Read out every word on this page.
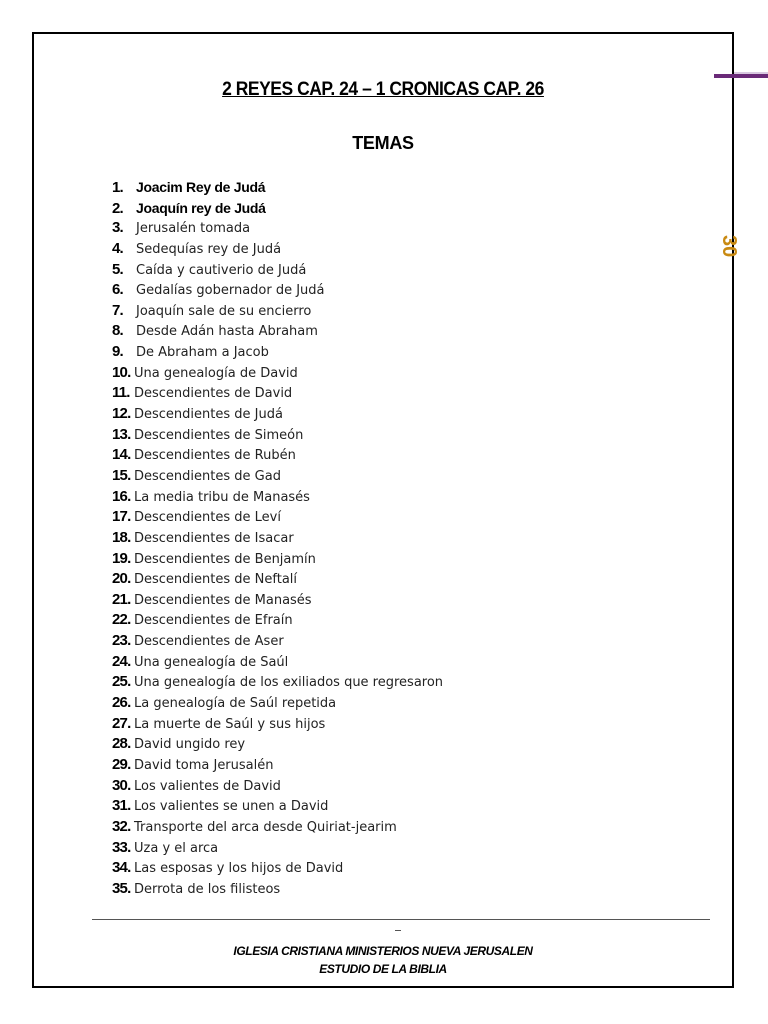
2 REYES CAP. 24 – 1 CRONICAS CAP. 26
TEMAS
1. Joacim Rey de Judá
2. Joaquín rey de Judá
3.	Jerusalén tomada
4.	Sedequías rey de Judá
5.	Caída y cautiverio de Judá
6.	Gedalías gobernador de Judá
7.	Joaquín sale de su encierro
8.	Desde Adán hasta Abraham
9.	De Abraham a Jacob
10. Una genealogía de David
11. Descendientes de David
12. Descendientes de Judá
13. Descendientes de Simeón
14. Descendientes de Rubén
15. Descendientes de Gad
16. La media tribu de Manasés
17. Descendientes de Leví
18. Descendientes de Isacar
19. Descendientes de Benjamín
20. Descendientes de Neftalí
21. Descendientes de Manasés
22. Descendientes de Efraín
23. Descendientes de Aser
24. Una genealogía de Saúl
25. Una genealogía de los exiliados que regresaron
26. La genealogía de Saúl repetida
27. La muerte de Saúl y sus hijos
28. David ungido rey
29. David toma Jerusalén
30. Los valientes de David
31. Los valientes se unen a David
32. Transporte del arca desde Quiriat-jearim
33. Uza y el arca
34. Las esposas y los hijos de David
35. Derrota de los filisteos
IGLESIA CRISTIANA MINISTERIOS NUEVA JERUSALEN
ESTUDIO DE LA BIBLIA
30
